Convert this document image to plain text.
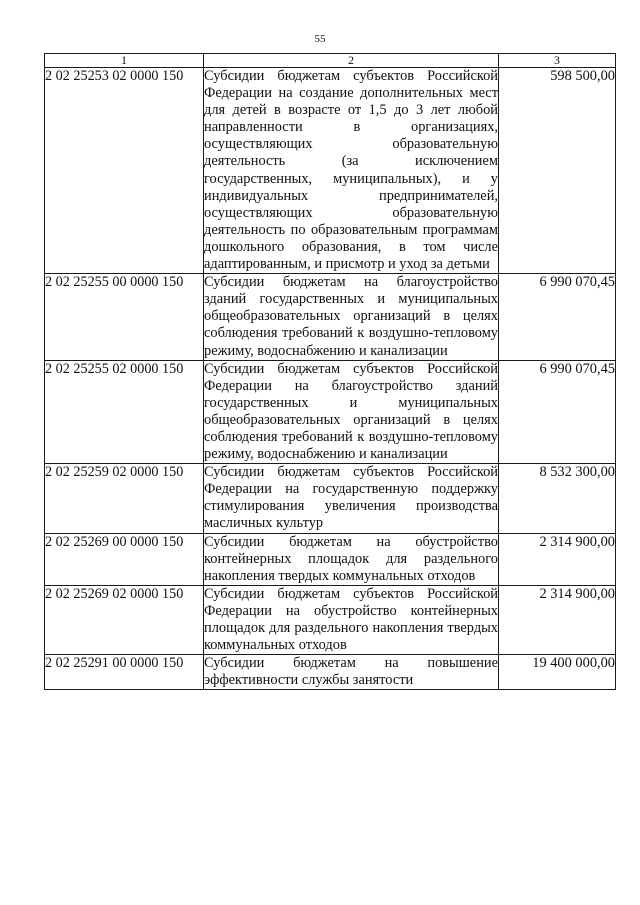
55
1	2	3
2 02 25253 02 0000 150	Субсидии бюджетам субъектов Российской Федерации на создание дополнительных мест для детей в возрасте от 1,5 до 3 лет любой направленности в организациях, осуществляющих образовательную деятельность (за исключением государственных, муниципальных), и у индивидуальных предпринимателей, осуществляющих образовательную деятельность по образовательным программам дошкольного образования, в том числе адаптированным, и присмотр и уход за детьми	598 500,00
2 02 25255 00 0000 150	Субсидии бюджетам на благоустройство зданий государственных и муниципальных общеобразовательных организаций в целях соблюдения требований к воздушно-тепловому режиму, водоснабжению и канализации	6 990 070,45
2 02 25255 02 0000 150	Субсидии бюджетам субъектов Российской Федерации на благоустройство зданий государственных и муниципальных общеобразовательных организаций в целях соблюдения требований к воздушно-тепловому режиму, водоснабжению и канализации	6 990 070,45
2 02 25259 02 0000 150	Субсидии бюджетам субъектов Российской Федерации на государственную поддержку стимулирования увеличения производства масличных культур	8 532 300,00
2 02 25269 00 0000 150	Субсидии бюджетам на обустройство контейнерных площадок для раздельного накопления твердых коммунальных отходов	2 314 900,00
2 02 25269 02 0000 150	Субсидии бюджетам субъектов Российской Федерации на обустройство контейнерных площадок для раздельного накопления твердых коммунальных отходов	2 314 900,00
2 02 25291 00 0000 150	Субсидии бюджетам на повышение эффективности службы занятости	19 400 000,00
